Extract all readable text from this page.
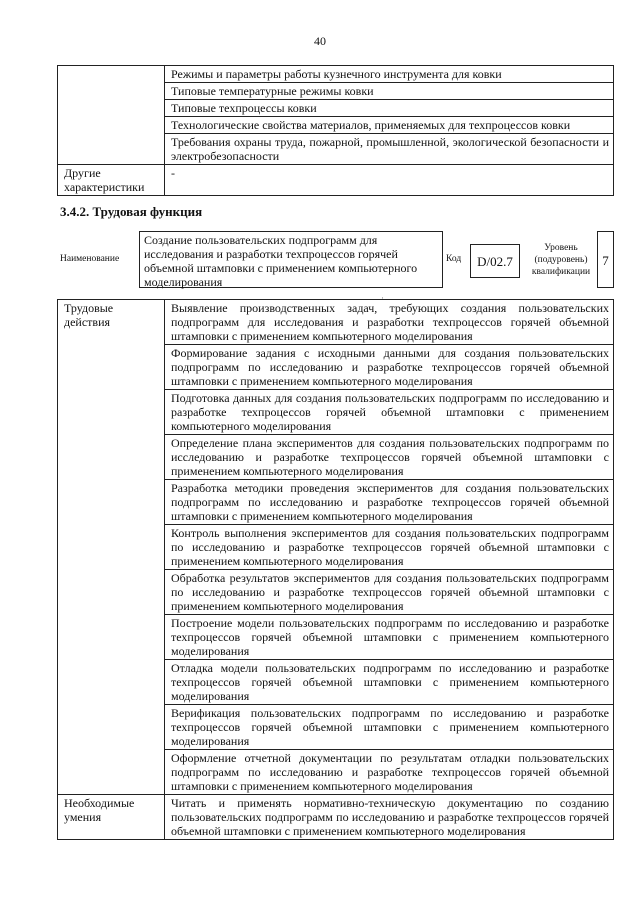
40
	Режимы и параметры работы кузнечного инструмента для ковки
	Типовые температурные режимы ковки
	Типовые техпроцессы ковки
	Технологические свойства материалов, применяемых для техпроцессов ковки
	Требования охраны труда, пожарной, промышленной, экологической безопасности и электробезопасности
Другие характеристики	-
3.4.2. Трудовая функция
Наименование
Создание пользовательских подпрограмм для исследования и разработки техпроцессов горячей объемной штамповки с применением компьютерного моделирования
Код	D/02.7
Уровень (подуровень) квалификации
7
·
Трудовые действия	Выявление производственных задач, требующих создания пользовательских подпрограмм для исследования и разработки техпроцессов горячей объемной штамповки с применением компьютерного моделирования
	Формирование задания с исходными данными для создания пользовательских подпрограмм по исследованию и разработке техпроцессов горячей объемной штамповки с применением компьютерного моделирования
	Подготовка данных для создания пользовательских подпрограмм по исследованию и разработке техпроцессов горячей объемной штамповки с применением компьютерного моделирования
	Определение плана экспериментов для создания пользовательских подпрограмм по исследованию и разработке техпроцессов горячей объемной штамповки с применением компьютерного моделирования
	Разработка методики проведения экспериментов для создания пользовательских подпрограмм по исследованию и разработке техпроцессов горячей объемной штамповки с применением компьютерного моделирования
	Контроль выполнения экспериментов для создания пользовательских подпрограмм по исследованию и разработке техпроцессов горячей объемной штамповки с применением компьютерного моделирования
	Обработка результатов экспериментов для создания пользовательских подпрограмм по исследованию и разработке техпроцессов горячей объемной штамповки с применением компьютерного моделирования
	Построение модели пользовательских подпрограмм по исследованию и разработке техпроцессов горячей объемной штамповки с применением компьютерного моделирования
	Отладка модели пользовательских подпрограмм по исследованию и разработке техпроцессов горячей объемной штамповки с применением компьютерного моделирования
	Верификация пользовательских подпрограмм по исследованию и разработке техпроцессов горячей объемной штамповки с применением компьютерного моделирования
	Оформление отчетной документации по результатам отладки пользовательских подпрограмм по исследованию и разработке техпроцессов горячей объемной штамповки с применением компьютерного моделирования
Необходимые умения	Читать и применять нормативно-техническую документацию по созданию пользовательских подпрограмм по исследованию и разработке техпроцессов горячей объемной штамповки с применением компьютерного моделирования
